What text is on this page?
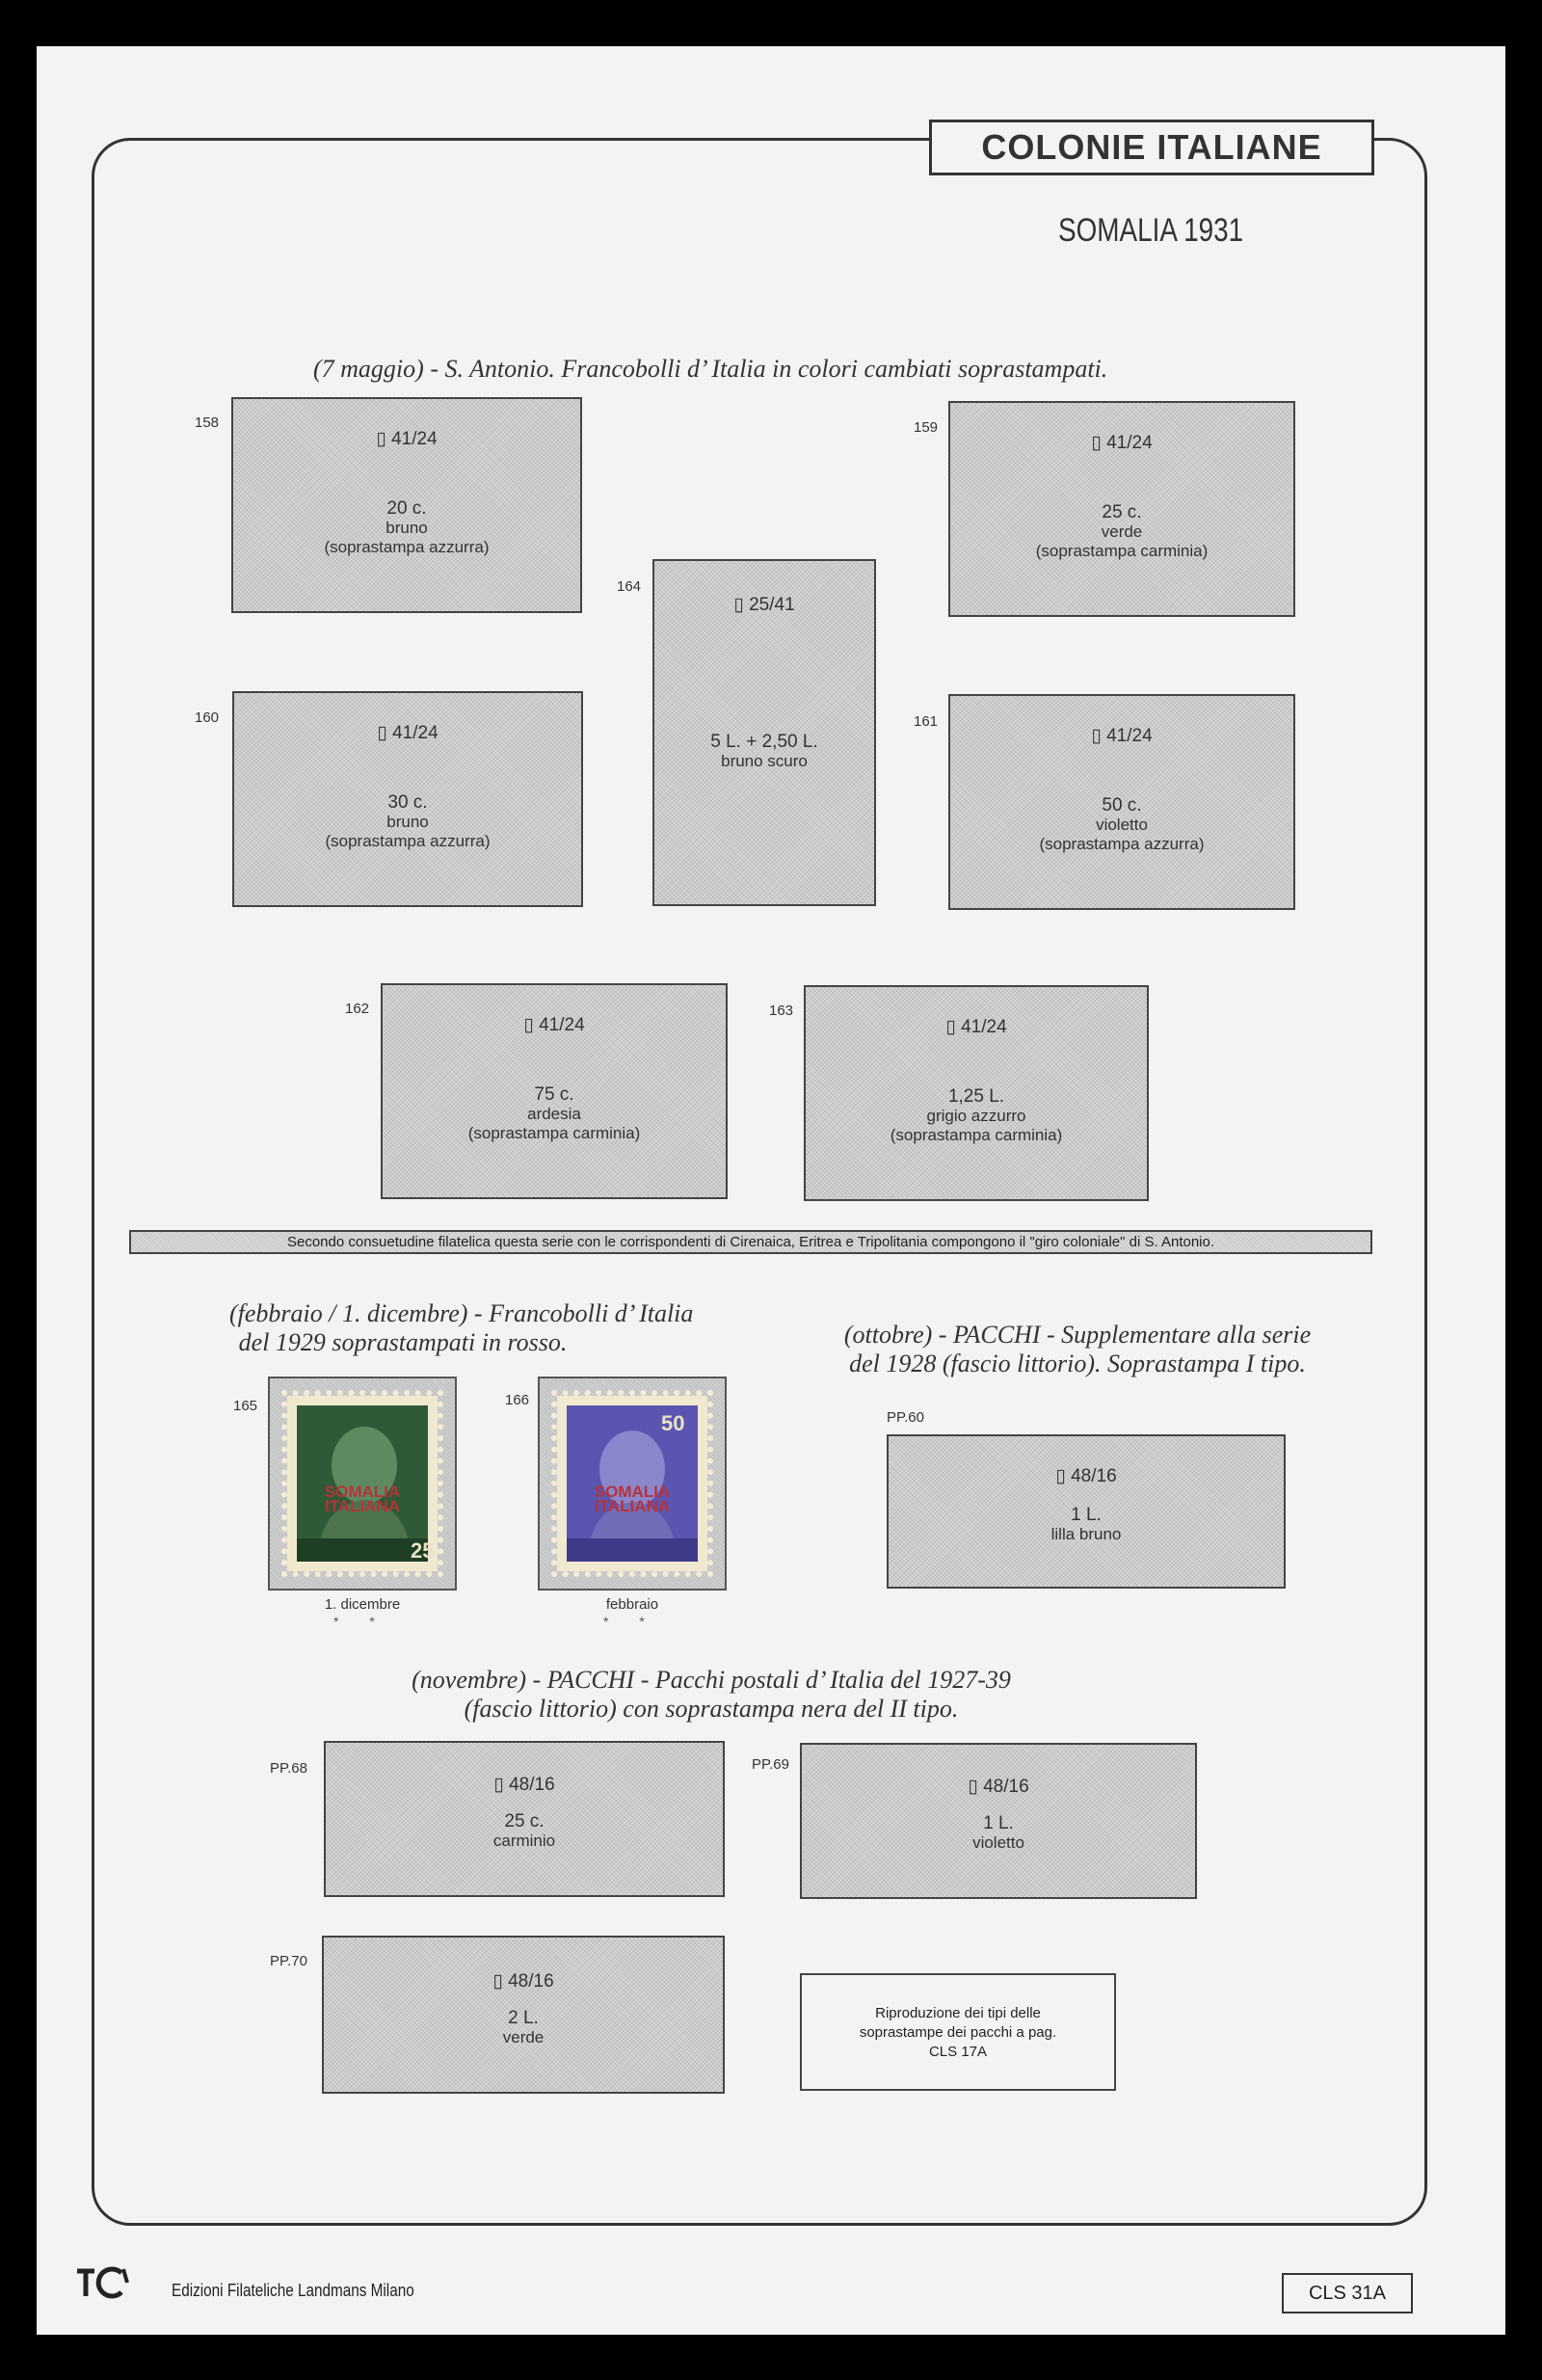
COLONIE ITALIANE
SOMALIA 1931
(7 maggio) - S. Antonio. Francobolli d’ Italia in colori cambiati soprastampati.
158
▯ 41/24
20 c.
bruno
(soprastampa azzurra)
159
▯ 41/24
25 c.
verde
(soprastampa carminia)
164
▯ 25/41
5 L. + 2,50 L.
bruno scuro
160
▯ 41/24
30 c.
bruno
(soprastampa azzurra)
161
▯ 41/24
50 c.
violetto
(soprastampa azzurra)
162
▯ 41/24
75 c.
ardesia
(soprastampa carminia)
163
▯ 41/24
1,25 L.
grigio azzurro
(soprastampa carminia)
Secondo consuetudine filatelica questa serie con le corrispondenti di Cirenaica, Eritrea e Tripolitania compongono il "giro coloniale" di S. Antonio.
(febbraio / 1. dicembre) - Francobolli d’ Italia
del 1929 soprastampati in rosso.
165
25
SOMALIA
ITALIANA
1. dicembre
* *
166
50
SOMALIA
ITALIANA
febbraio
* *
(ottobre) - PACCHI - Supplementare alla serie
del 1928 (fascio littorio). Soprastampa I tipo.
PP.60
▯ 48/16
1 L.
lilla bruno
(novembre) - PACCHI - Pacchi postali d’ Italia del 1927-39
(fascio littorio) con soprastampa nera del II tipo.
PP.68
▯ 48/16
25 c.
carminio
PP.69
▯ 48/16
1 L.
violetto
PP.70
▯ 48/16
2 L.
verde
Riproduzione dei tipi delle
soprastampe dei pacchi a pag.
CLS 17A
Edizioni Filateliche Landmans Milano	CLS 31A
